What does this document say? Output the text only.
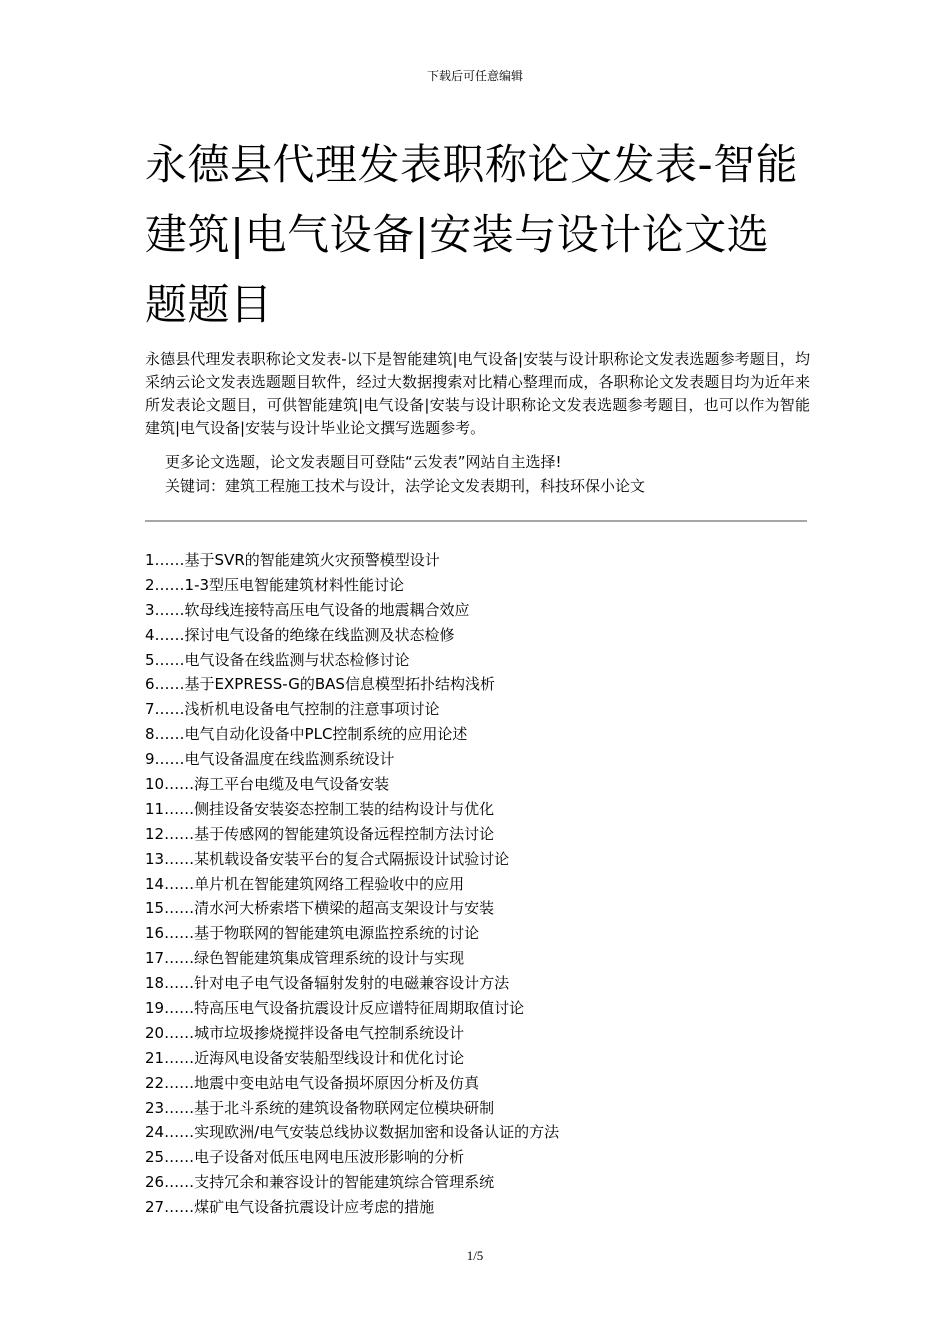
下载后可任意编辑
永德县代理发表职称论文发表-智能建筑|电气设备|安装与设计论文选题题目

永德县代理发表职称论文发表-以下是智能建筑|电气设备|安装与设计职称论文发表选题参考题目，均采纳云论文发表选题题目软件，经过大数据搜索对比精心整理而成，各职称论文发表题目均为近年来所发表论文题目，可供智能建筑|电气设备|安装与设计职称论文发表选题参考题目，也可以作为智能建筑|电气设备|安装与设计毕业论文撰写选题参考。

更多论文选题，论文发表题目可登陆“云发表”网站自主选择!

关键词：建筑工程施工技术与设计，法学论文发表期刊，科技环保小论文

1……基于SVR的智能建筑火灾预警模型设计
2……1-3型压电智能建筑材料性能讨论
3……软母线连接特高压电气设备的地震耦合效应
4……探讨电气设备的绝缘在线监测及状态检修
5……电气设备在线监测与状态检修讨论
6……基于EXPRESS-G的BAS信息模型拓扑结构浅析
7……浅析机电设备电气控制的注意事项讨论
8……电气自动化设备中PLC控制系统的应用论述
9……电气设备温度在线监测系统设计
10……海工平台电缆及电气设备安装
11……侧挂设备安装姿态控制工装的结构设计与优化
12……基于传感网的智能建筑设备远程控制方法讨论
13……某机载设备安装平台的复合式隔振设计试验讨论
14……单片机在智能建筑网络工程验收中的应用
15……清水河大桥索塔下横梁的超高支架设计与安装
16……基于物联网的智能建筑电源监控系统的讨论
17……绿色智能建筑集成管理系统的设计与实现
18……针对电子电气设备辐射发射的电磁兼容设计方法
19……特高压电气设备抗震设计反应谱特征周期取值讨论
20……城市垃圾掺烧搅拌设备电气控制系统设计
21……近海风电设备安装船型线设计和优化讨论
22……地震中变电站电气设备损坏原因分析及仿真
23……基于北斗系统的建筑设备物联网定位模块研制
24……实现欧洲/电气安装总线协议数据加密和设备认证的方法
25……电子设备对低压电网电压波形影响的分析
26……支持冗余和兼容设计的智能建筑综合管理系统
27……煤矿电气设备抗震设计应考虑的措施
1/5
